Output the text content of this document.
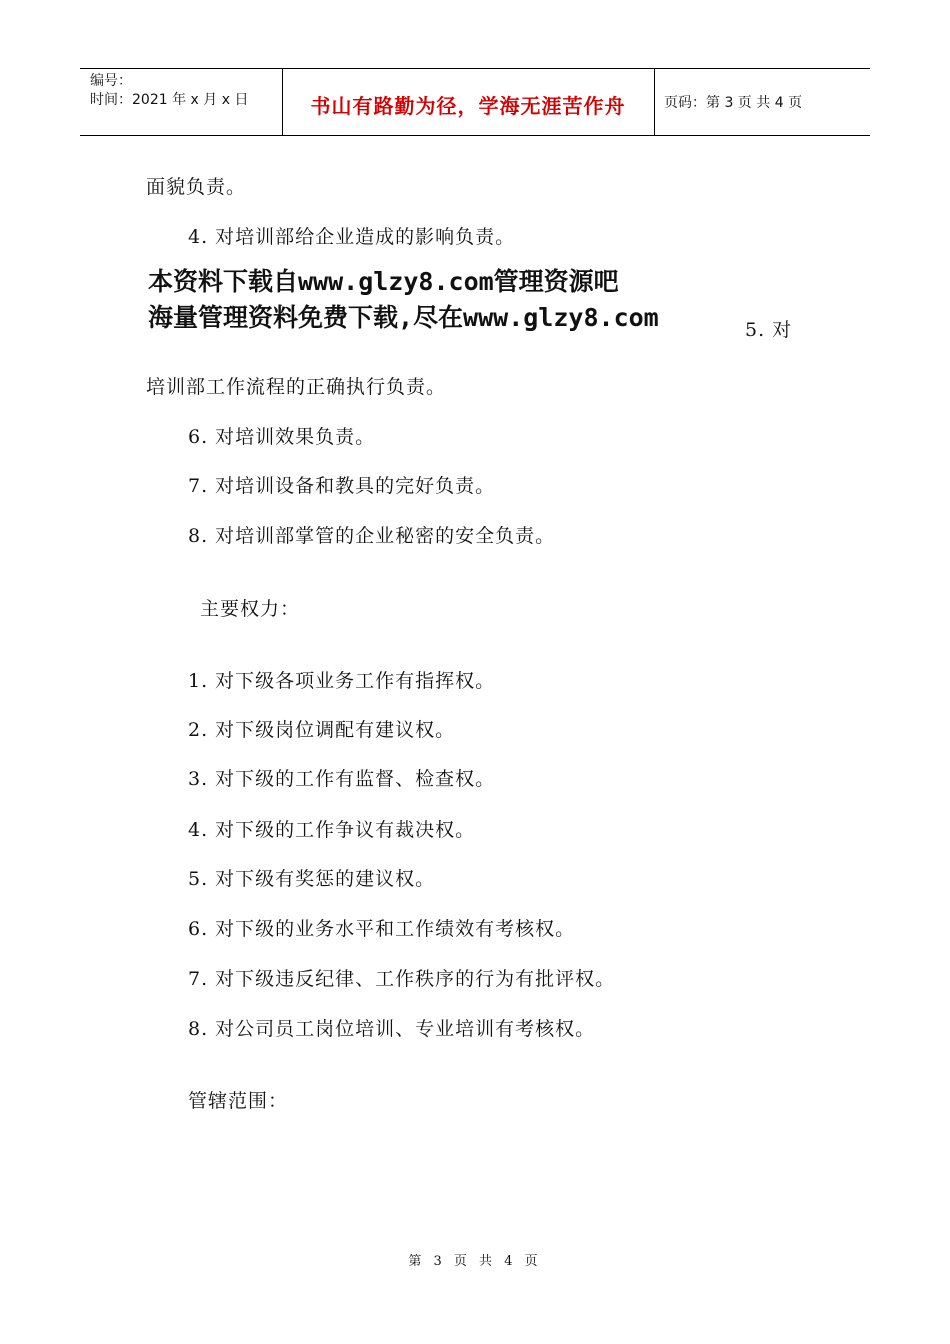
编号：
时间：2021 年 x 月 x 日	书山有路勤为径，学海无涯苦作舟	页码：第 3 页 共 4 页
面貌负责。
4. 对培训部给企业造成的影响负责。
本资料下载自www.glzy8.com管理资源吧
海量管理资料免费下载,尽在www.glzy8.com	5. 对
培训部工作流程的正确执行负责。
6. 对培训效果负责。
7. 对培训设备和教具的完好负责。
8. 对培训部掌管的企业秘密的安全负责。
主要权力：
1. 对下级各项业务工作有指挥权。
2. 对下级岗位调配有建议权。
3. 对下级的工作有监督、检查权。
4. 对下级的工作争议有裁决权。
5. 对下级有奖惩的建议权。
6. 对下级的业务水平和工作绩效有考核权。
7. 对下级违反纪律、工作秩序的行为有批评权。
8. 对公司员工岗位培训、专业培训有考核权。
管辖范围：
第 3 页 共 4 页
